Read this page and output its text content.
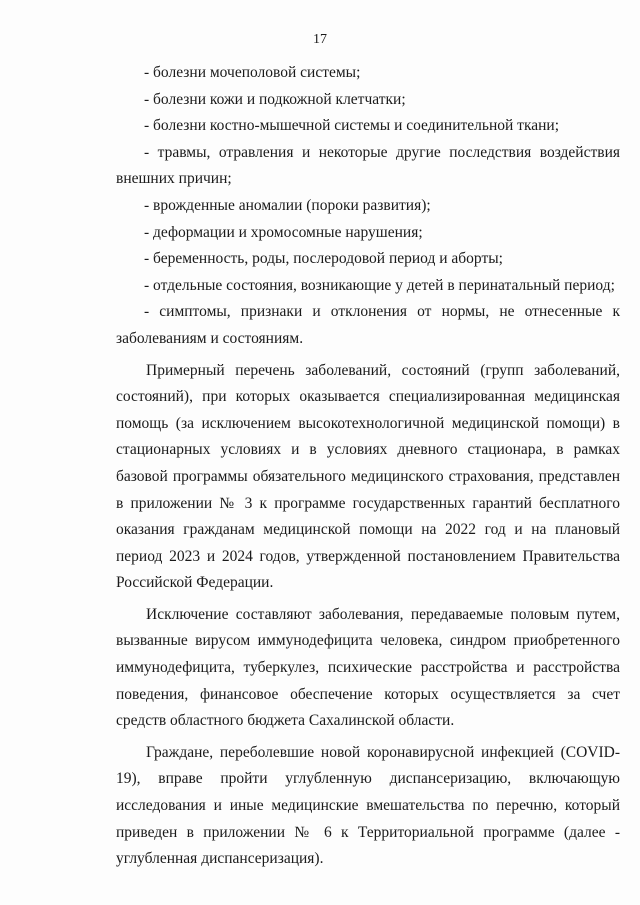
17

- болезни мочеполовой системы;

- болезни кожи и подкожной клетчатки;

- болезни костно-мышечной системы и соединительной ткани;

- травмы, отравления и некоторые другие последствия воздействия внешних причин;

- врожденные аномалии (пороки развития);

- деформации и хромосомные нарушения;

- беременность, роды, послеродовой период и аборты;

- отдельные состояния, возникающие у детей в перинатальный период;

- симптомы, признаки и отклонения от нормы, не отнесенные к заболеваниям и состояниям.

Примерный перечень заболеваний, состояний (групп заболеваний, состояний), при которых оказывается специализированная медицинская помощь (за исключением высокотехнологичной медицинской помощи) в стационарных условиях и в условиях дневного стационара, в рамках базовой программы обязательного медицинского страхования, представлен в приложении № 3 к программе государственных гарантий бесплатного оказания гражданам медицинской помощи на 2022 год и на плановый период 2023 и 2024 годов, утвержденной постановлением Правительства Российской Федерации.

Исключение составляют заболевания, передаваемые половым путем, вызванные вирусом иммунодефицита человека, синдром приобретенного иммунодефицита, туберкулез, психические расстройства и расстройства поведения, финансовое обеспечение которых осуществляется за счет средств областного бюджета Сахалинской области.

Граждане, переболевшие новой коронавирусной инфекцией (COVID-19), вправе пройти углубленную диспансеризацию, включающую исследования и иные медицинские вмешательства по перечню, который приведен в приложении № 6 к Территориальной программе (далее - углубленная диспансеризация).
